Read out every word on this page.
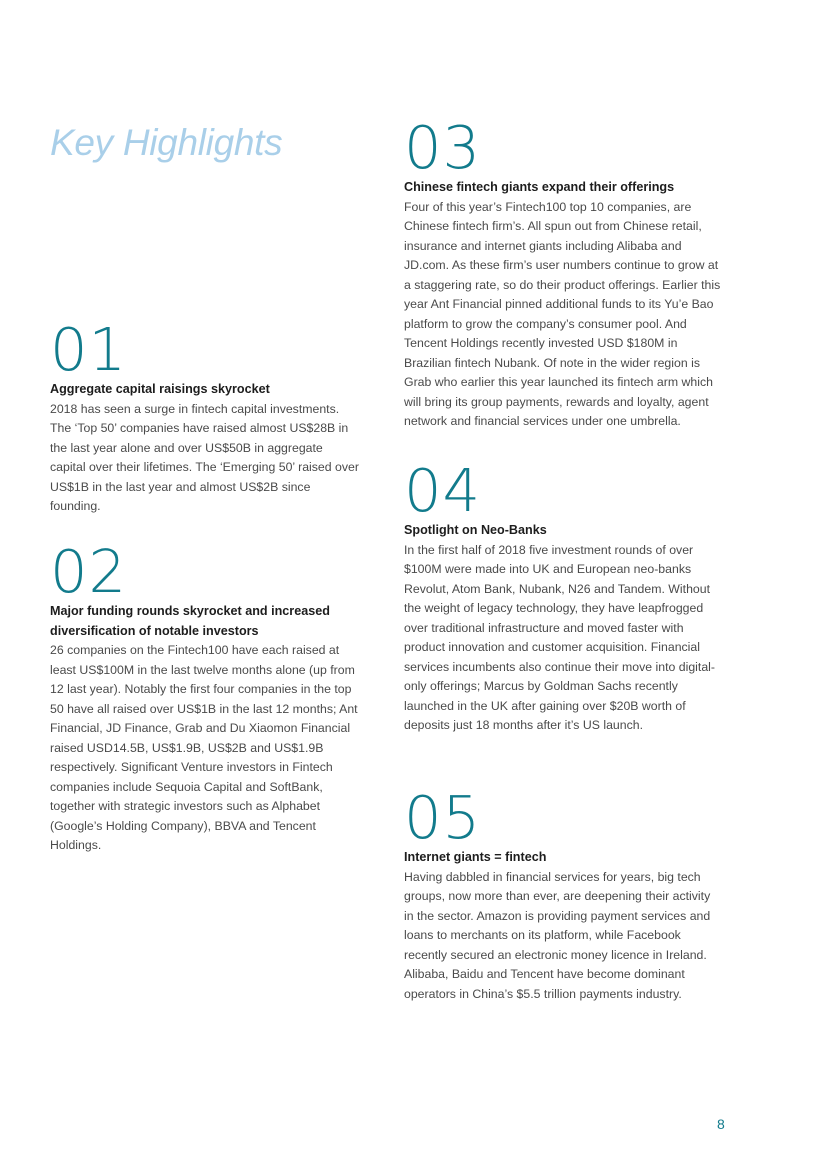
Key Highlights

01

Aggregate capital raisings skyrocket

2018 has seen a surge in fintech capital investments. The ‘Top 50’ companies have raised almost US$28B in the last year alone and over US$50B in aggregate capital over their lifetimes. The ‘Emerging 50’ raised over US$1B in the last year and almost US$2B since founding.

02

Major funding rounds skyrocket and increased diversification of notable investors

26 companies on the Fintech100 have each raised at least US$100M in the last twelve months alone (up from 12 last year). Notably the first four companies in the top 50 have all raised over US$1B in the last 12 months; Ant Financial, JD Finance, Grab and Du Xiaomon Financial raised USD14.5B, US$1.9B, US$2B and US$1.9B respectively. Significant Venture investors in Fintech companies include Sequoia Capital and SoftBank, together with strategic investors such as Alphabet (Google’s Holding Company), BBVA and Tencent Holdings.

03

Chinese fintech giants expand their offerings

Four of this year’s Fintech100 top 10 companies, are Chinese fintech firm’s. All spun out from Chinese retail, insurance and internet giants including Alibaba and JD.com. As these firm’s user numbers continue to grow at a staggering rate, so do their product offerings. Earlier this year Ant Financial pinned additional funds to its Yu’e Bao platform to grow the company’s consumer pool. And Tencent Holdings recently invested USD $180M in Brazilian fintech Nubank. Of note in the wider region is Grab who earlier this year launched its fintech arm which will bring its group payments, rewards and loyalty, agent network and financial services under one umbrella.

04

Spotlight on Neo-Banks

In the first half of 2018 five investment rounds of over $100M were made into UK and European neo-banks Revolut, Atom Bank, Nubank, N26 and Tandem. Without the weight of legacy technology, they have leapfrogged over traditional infrastructure and moved faster with product innovation and customer acquisition. Financial services incumbents also continue their move into digital-only offerings; Marcus by Goldman Sachs recently launched in the UK after gaining over $20B worth of deposits just 18 months after it’s US launch.

05

Internet giants = fintech

Having dabbled in financial services for years, big tech groups, now more than ever, are deepening their activity in the sector. Amazon is providing payment services and loans to merchants on its platform, while Facebook recently secured an electronic money licence in Ireland. Alibaba, Baidu and Tencent have become dominant operators in China’s $5.5 trillion payments industry.

8
